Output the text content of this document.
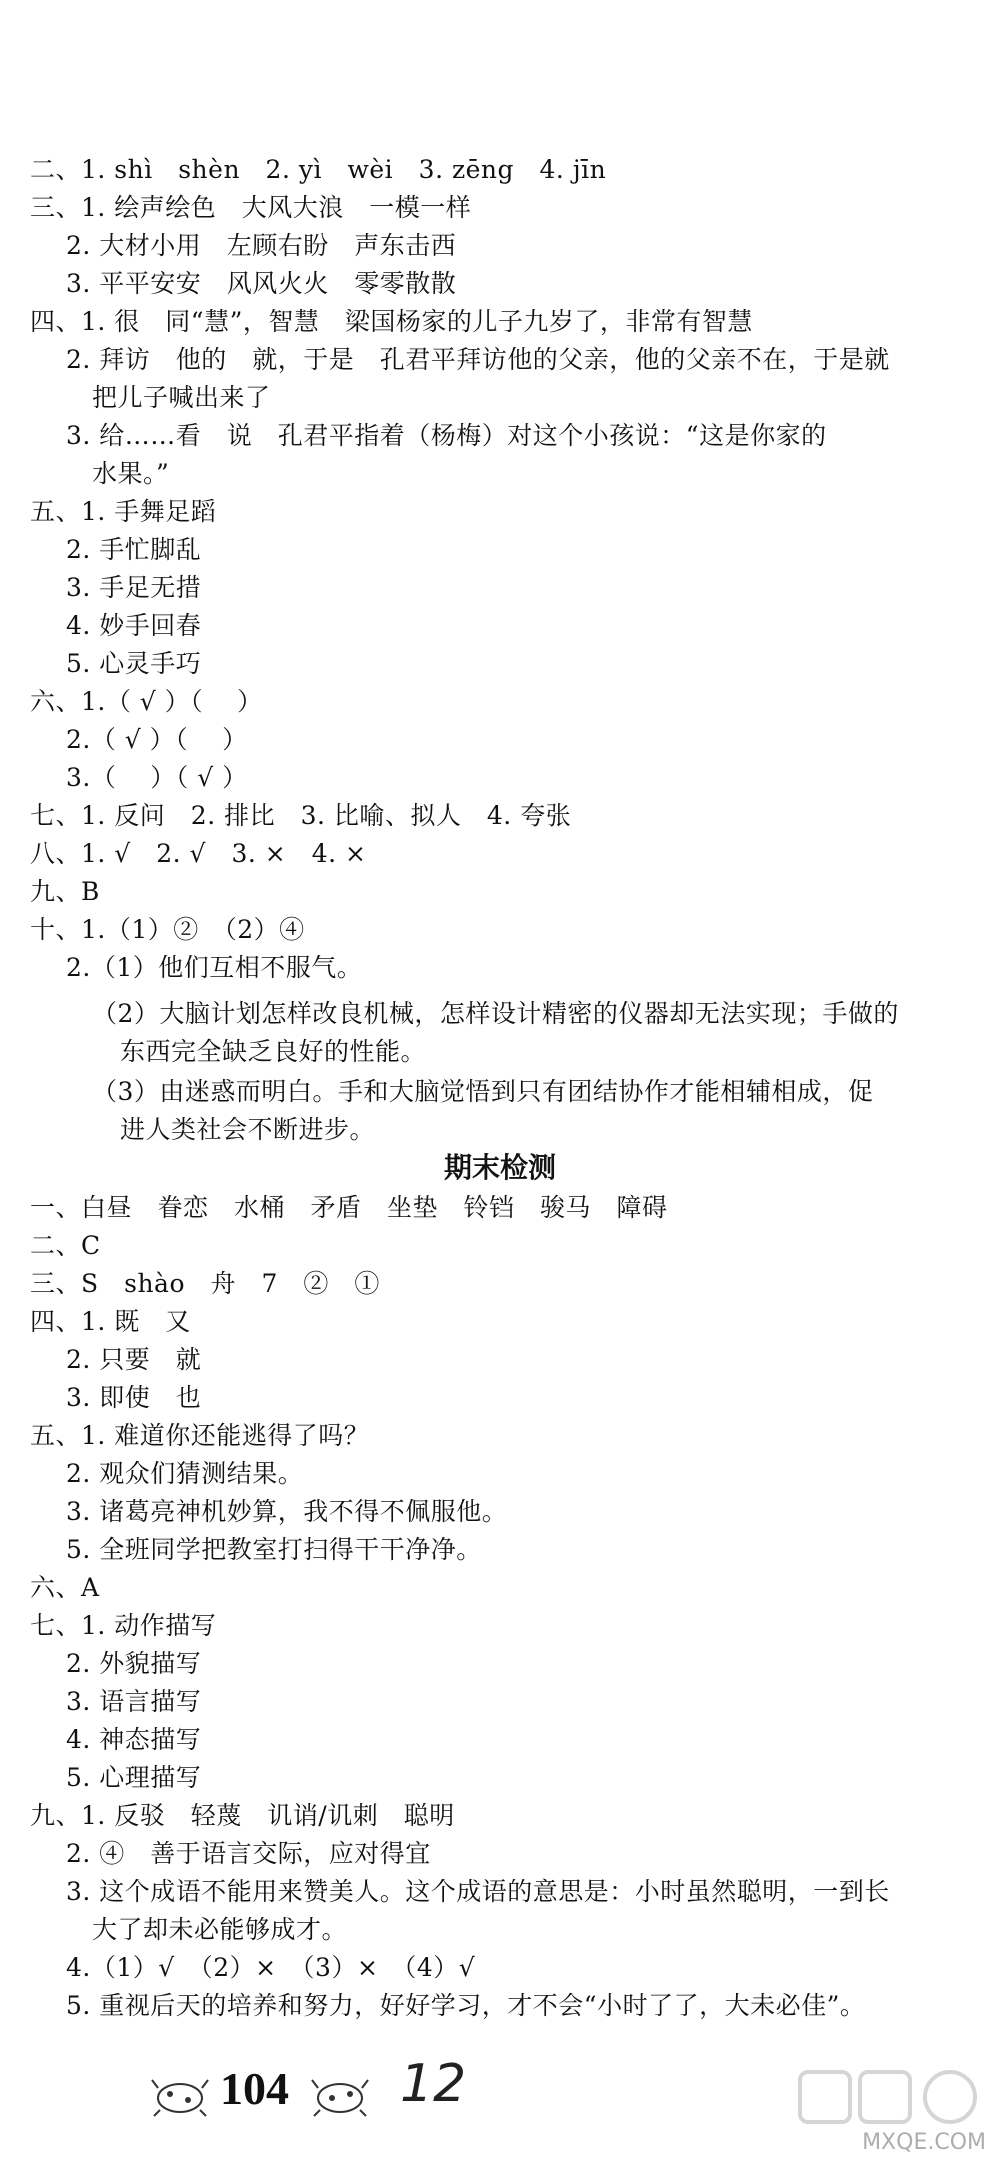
二、1. shì　shèn　2. yì　wèi　3. zēng　4. jīn
三、1. 绘声绘色　大风大浪　一模一样
2. 大材小用　左顾右盼　声东击西
3. 平平安安　风风火火　零零散散
四、1. 很　同“慧”，智慧　梁国杨家的儿子九岁了，非常有智慧
2. 拜访　他的　就，于是　孔君平拜访他的父亲，他的父亲不在，于是就
把儿子喊出来了
3. 给……看　说　孔君平指着（杨梅）对这个小孩说：“这是你家的
水果。”
五、1. 手舞足蹈
2. 手忙脚乱
3. 手足无措
4. 妙手回春
5. 心灵手巧
六、1.（ √ ）（　 ）
2.（ √ ）（　 ）
3.（　 ）（ √ ）
七、1. 反问　2. 排比　3. 比喻、拟人　4. 夸张
八、1. √　2. √　3. ×　4. ×
九、B
十、1.（1）②　（2）④
2.（1）他们互相不服气。
（2）大脑计划怎样改良机械，怎样设计精密的仪器却无法实现；手做的
东西完全缺乏良好的性能。
（3）由迷惑而明白。手和大脑觉悟到只有团结协作才能相辅相成，促
进人类社会不断进步。
期末检测
一、白昼　眷恋　水桶　矛盾　坐垫　铃铛　骏马　障碍
二、C
三、S　shào　舟　7　②　①
四、1. 既　又
2. 只要　就
3. 即使　也
五、1. 难道你还能逃得了吗？
2. 观众们猜测结果。
3. 诸葛亮神机妙算，我不得不佩服他。
5. 全班同学把教室打扫得干干净净。
六、A
七、1. 动作描写
2. 外貌描写
3. 语言描写
4. 神态描写
5. 心理描写
九、1. 反驳　轻蔑　讥诮/讥刺　聪明
2. ④　善于语言交际，应对得宜
3. 这个成语不能用来赞美人。这个成语的意思是：小时虽然聪明，一到长
大了却未必能够成才。
4.（1）√　（2）×　（3）×　（4）√
5. 重视后天的培养和努力，好好学习，才不会“小时了了，大未必佳”。
104 12
MXQE.COM
